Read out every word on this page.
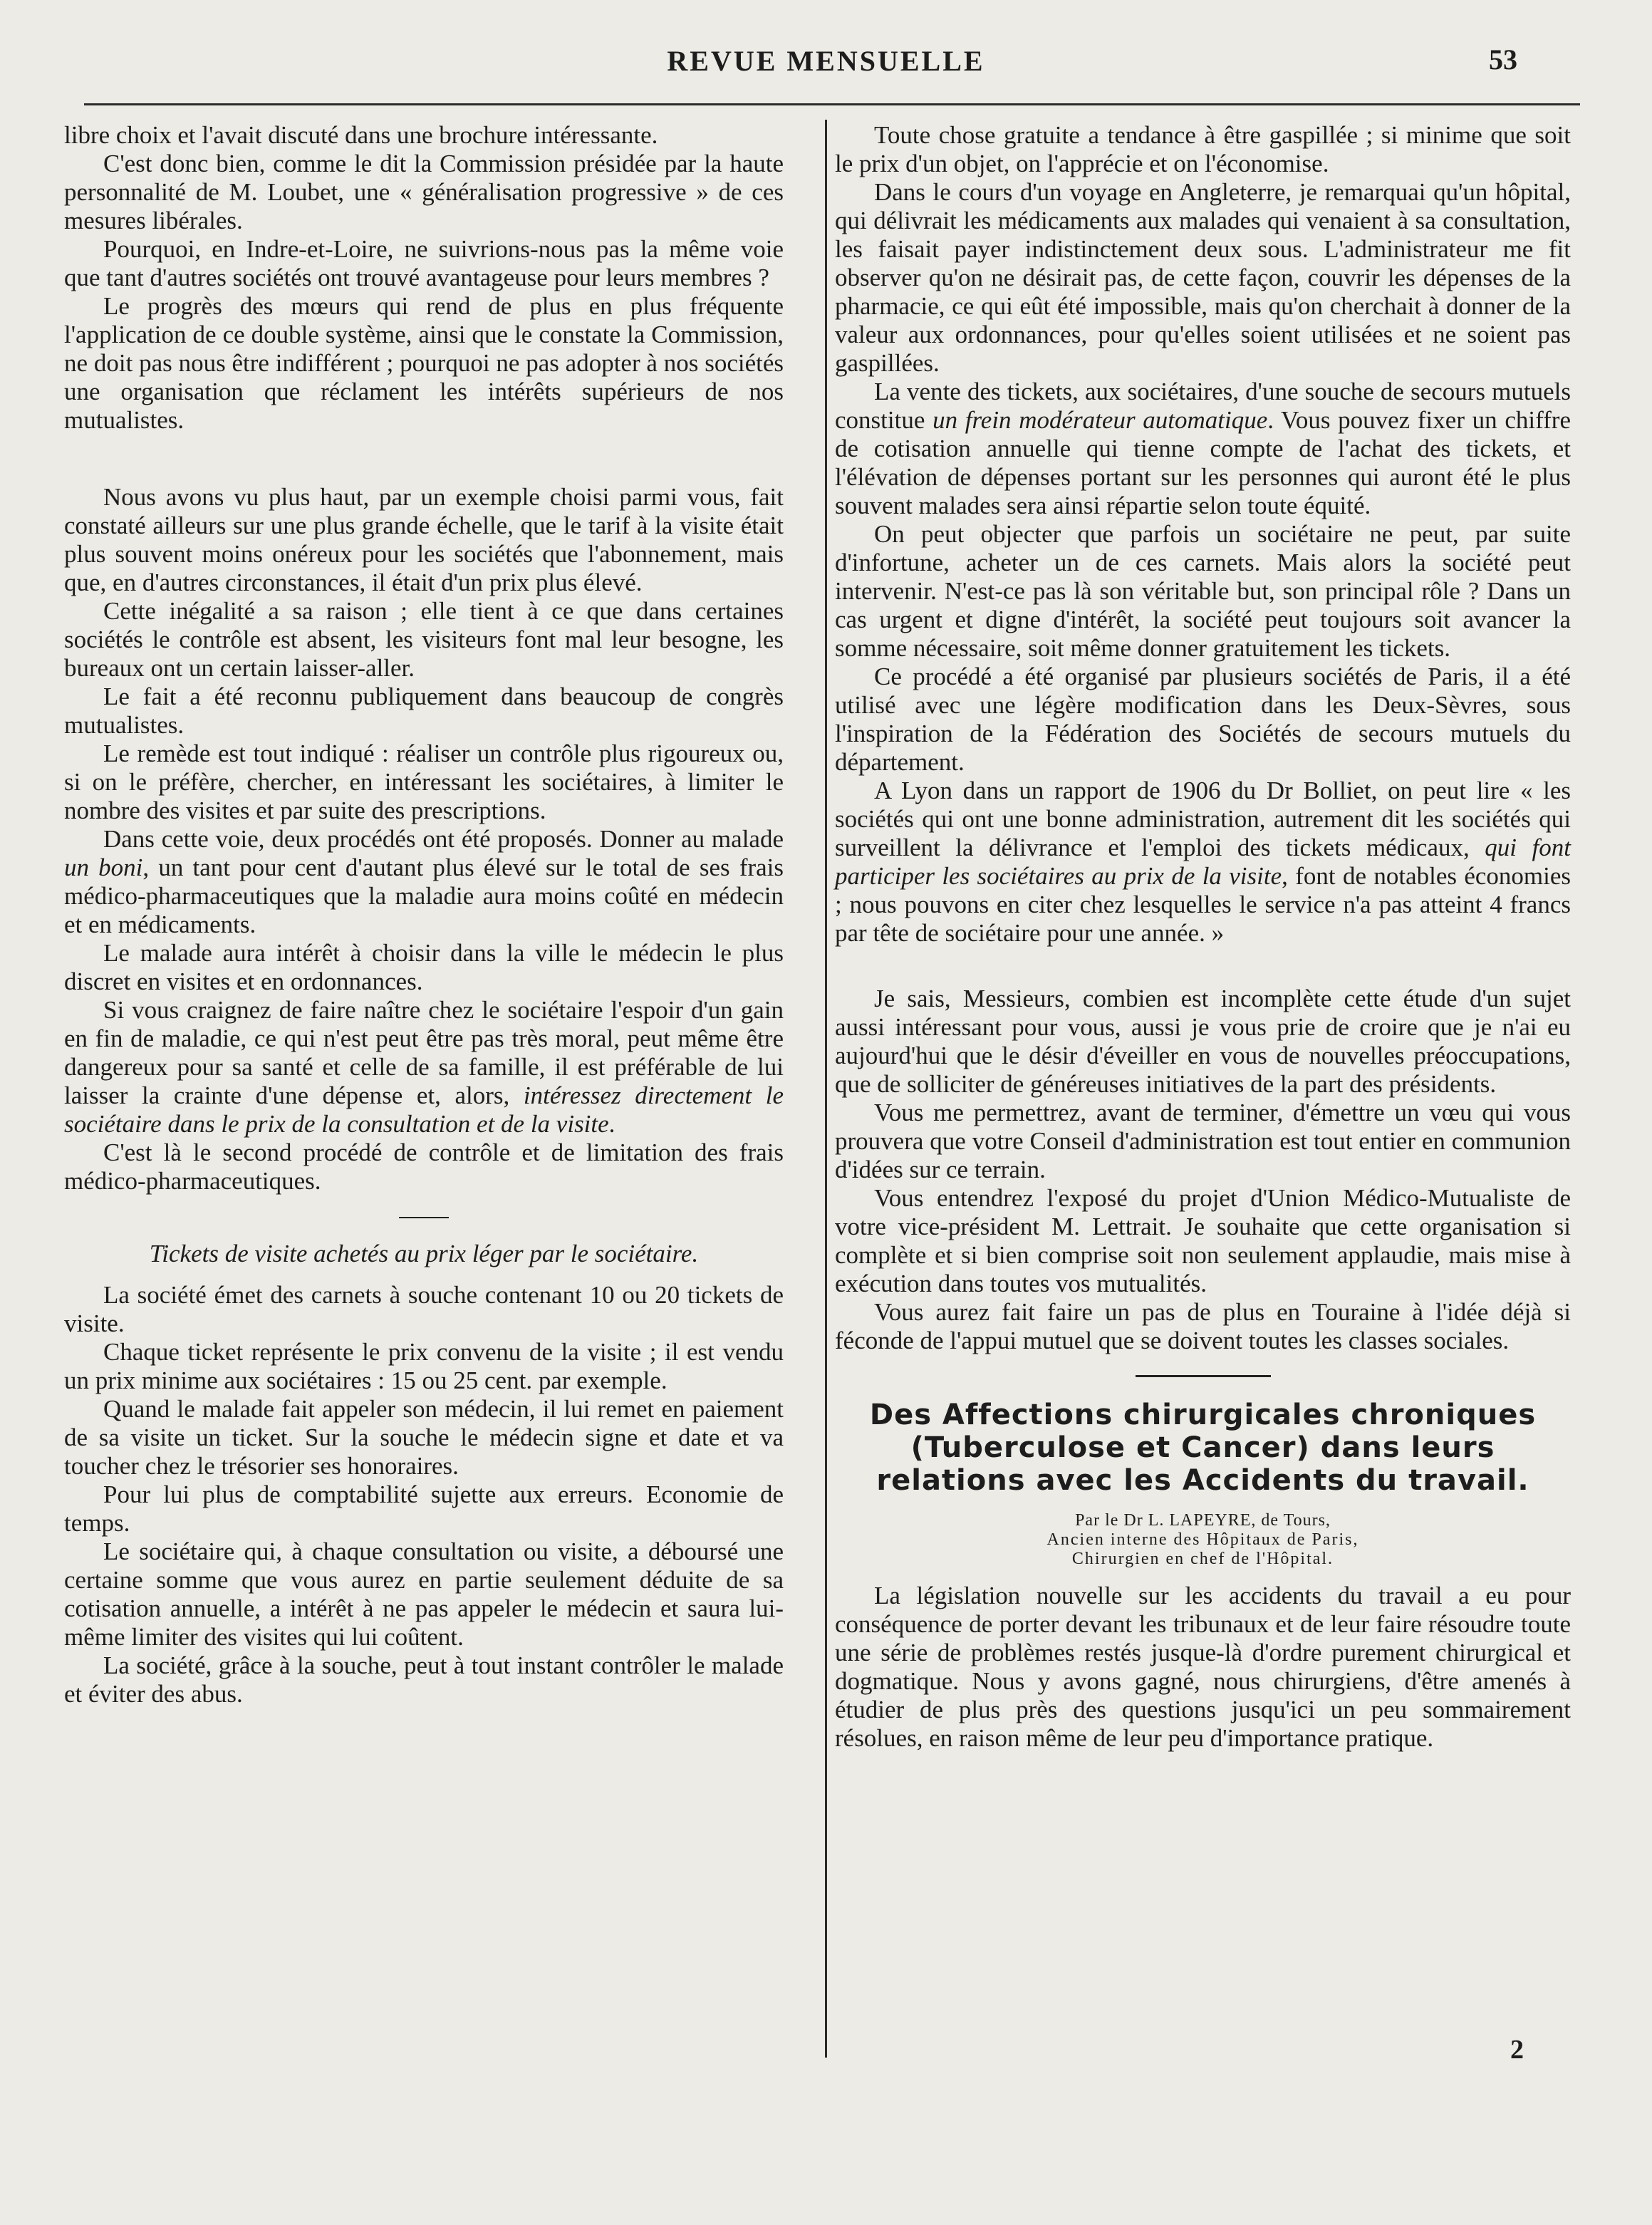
REVUE MENSUELLE	53

libre choix et l'avait discuté dans une brochure intéressante.

C'est donc bien, comme le dit la Commission présidée par la haute personnalité de M. Loubet, une « généralisation progressive » de ces mesures libérales.

Pourquoi, en Indre-et-Loire, ne suivrions-nous pas la même voie que tant d'autres sociétés ont trouvé avantageuse pour leurs membres ?

Le progrès des mœurs qui rend de plus en plus fréquente l'application de ce double système, ainsi que le constate la Commission, ne doit pas nous être indifférent ; pourquoi ne pas adopter à nos sociétés une organisation que réclament les intérêts supérieurs de nos mutualistes.

Nous avons vu plus haut, par un exemple choisi parmi vous, fait constaté ailleurs sur une plus grande échelle, que le tarif à la visite était plus souvent moins onéreux pour les sociétés que l'abonnement, mais que, en d'autres circonstances, il était d'un prix plus élevé.

Cette inégalité a sa raison ; elle tient à ce que dans certaines sociétés le contrôle est absent, les visiteurs font mal leur besogne, les bureaux ont un certain laisser-aller.

Le fait a été reconnu publiquement dans beaucoup de congrès mutualistes.

Le remède est tout indiqué : réaliser un contrôle plus rigoureux ou, si on le préfère, chercher, en intéressant les sociétaires, à limiter le nombre des visites et par suite des prescriptions.

Dans cette voie, deux procédés ont été proposés. Donner au malade un boni, un tant pour cent d'autant plus élevé sur le total de ses frais médico-pharmaceutiques que la maladie aura moins coûté en médecin et en médicaments.

Le malade aura intérêt à choisir dans la ville le médecin le plus discret en visites et en ordonnances.

Si vous craignez de faire naître chez le sociétaire l'espoir d'un gain en fin de maladie, ce qui n'est peut être pas très moral, peut même être dangereux pour sa santé et celle de sa famille, il est préférable de lui laisser la crainte d'une dépense et, alors, intéressez directement le sociétaire dans le prix de la consultation et de la visite.

C'est là le second procédé de contrôle et de limitation des frais médico-pharmaceutiques.

Tickets de visite achetés au prix léger par le sociétaire.

La société émet des carnets à souche contenant 10 ou 20 tickets de visite.

Chaque ticket représente le prix convenu de la visite ; il est vendu un prix minime aux sociétaires : 15 ou 25 cent. par exemple.

Quand le malade fait appeler son médecin, il lui remet en paiement de sa visite un ticket. Sur la souche le médecin signe et date et va toucher chez le trésorier ses honoraires.

Pour lui plus de comptabilité sujette aux erreurs. Economie de temps.

Le sociétaire qui, à chaque consultation ou visite, a déboursé une certaine somme que vous aurez en partie seulement déduite de sa cotisation annuelle, a intérêt à ne pas appeler le médecin et saura lui-même limiter des visites qui lui coûtent.

La société, grâce à la souche, peut à tout instant contrôler le malade et éviter des abus.

Toute chose gratuite a tendance à être gaspillée ; si minime que soit le prix d'un objet, on l'apprécie et on l'économise.

Dans le cours d'un voyage en Angleterre, je remarquai qu'un hôpital, qui délivrait les médicaments aux malades qui venaient à sa consultation, les faisait payer indistinctement deux sous. L'administrateur me fit observer qu'on ne désirait pas, de cette façon, couvrir les dépenses de la pharmacie, ce qui eût été impossible, mais qu'on cherchait à donner de la valeur aux ordonnances, pour qu'elles soient utilisées et ne soient pas gaspillées.

La vente des tickets, aux sociétaires, d'une souche de secours mutuels constitue un frein modérateur automatique. Vous pouvez fixer un chiffre de cotisation annuelle qui tienne compte de l'achat des tickets, et l'élévation de dépenses portant sur les personnes qui auront été le plus souvent malades sera ainsi répartie selon toute équité.

On peut objecter que parfois un sociétaire ne peut, par suite d'infortune, acheter un de ces carnets. Mais alors la société peut intervenir. N'est-ce pas là son véritable but, son principal rôle ? Dans un cas urgent et digne d'intérêt, la société peut toujours soit avancer la somme nécessaire, soit même donner gratuitement les tickets.

Ce procédé a été organisé par plusieurs sociétés de Paris, il a été utilisé avec une légère modification dans les Deux-Sèvres, sous l'inspiration de la Fédération des Sociétés de secours mutuels du département.

A Lyon dans un rapport de 1906 du Dr Bolliet, on peut lire « les sociétés qui ont une bonne administration, autrement dit les sociétés qui surveillent la délivrance et l'emploi des tickets médicaux, qui font participer les sociétaires au prix de la visite, font de notables économies ; nous pouvons en citer chez lesquelles le service n'a pas atteint 4 francs par tête de sociétaire pour une année. »

Je sais, Messieurs, combien est incomplète cette étude d'un sujet aussi intéressant pour vous, aussi je vous prie de croire que je n'ai eu aujourd'hui que le désir d'éveiller en vous de nouvelles préoccupations, que de solliciter de généreuses initiatives de la part des présidents.

Vous me permettrez, avant de terminer, d'émettre un vœu qui vous prouvera que votre Conseil d'administration est tout entier en communion d'idées sur ce terrain.

Vous entendrez l'exposé du projet d'Union Médico-Mutualiste de votre vice-président M. Lettrait. Je souhaite que cette organisation si complète et si bien comprise soit non seulement applaudie, mais mise à exécution dans toutes vos mutualités.

Vous aurez fait faire un pas de plus en Touraine à l'idée déjà si féconde de l'appui mutuel que se doivent toutes les classes sociales.

Des Affections chirurgicales chroniques (Tuberculose et Cancer) dans leurs relations avec les Accidents du travail.
Par le Dr L. LAPEYRE, de Tours,
Ancien interne des Hôpitaux de Paris,
Chirurgien en chef de l'Hôpital.

La législation nouvelle sur les accidents du travail a eu pour conséquence de porter devant les tribunaux et de leur faire résoudre toute une série de problèmes restés jusque-là d'ordre purement chirurgical et dogmatique. Nous y avons gagné, nous chirurgiens, d'être amenés à étudier de plus près des questions jusqu'ici un peu sommairement résolues, en raison même de leur peu d'importance pratique.

2
